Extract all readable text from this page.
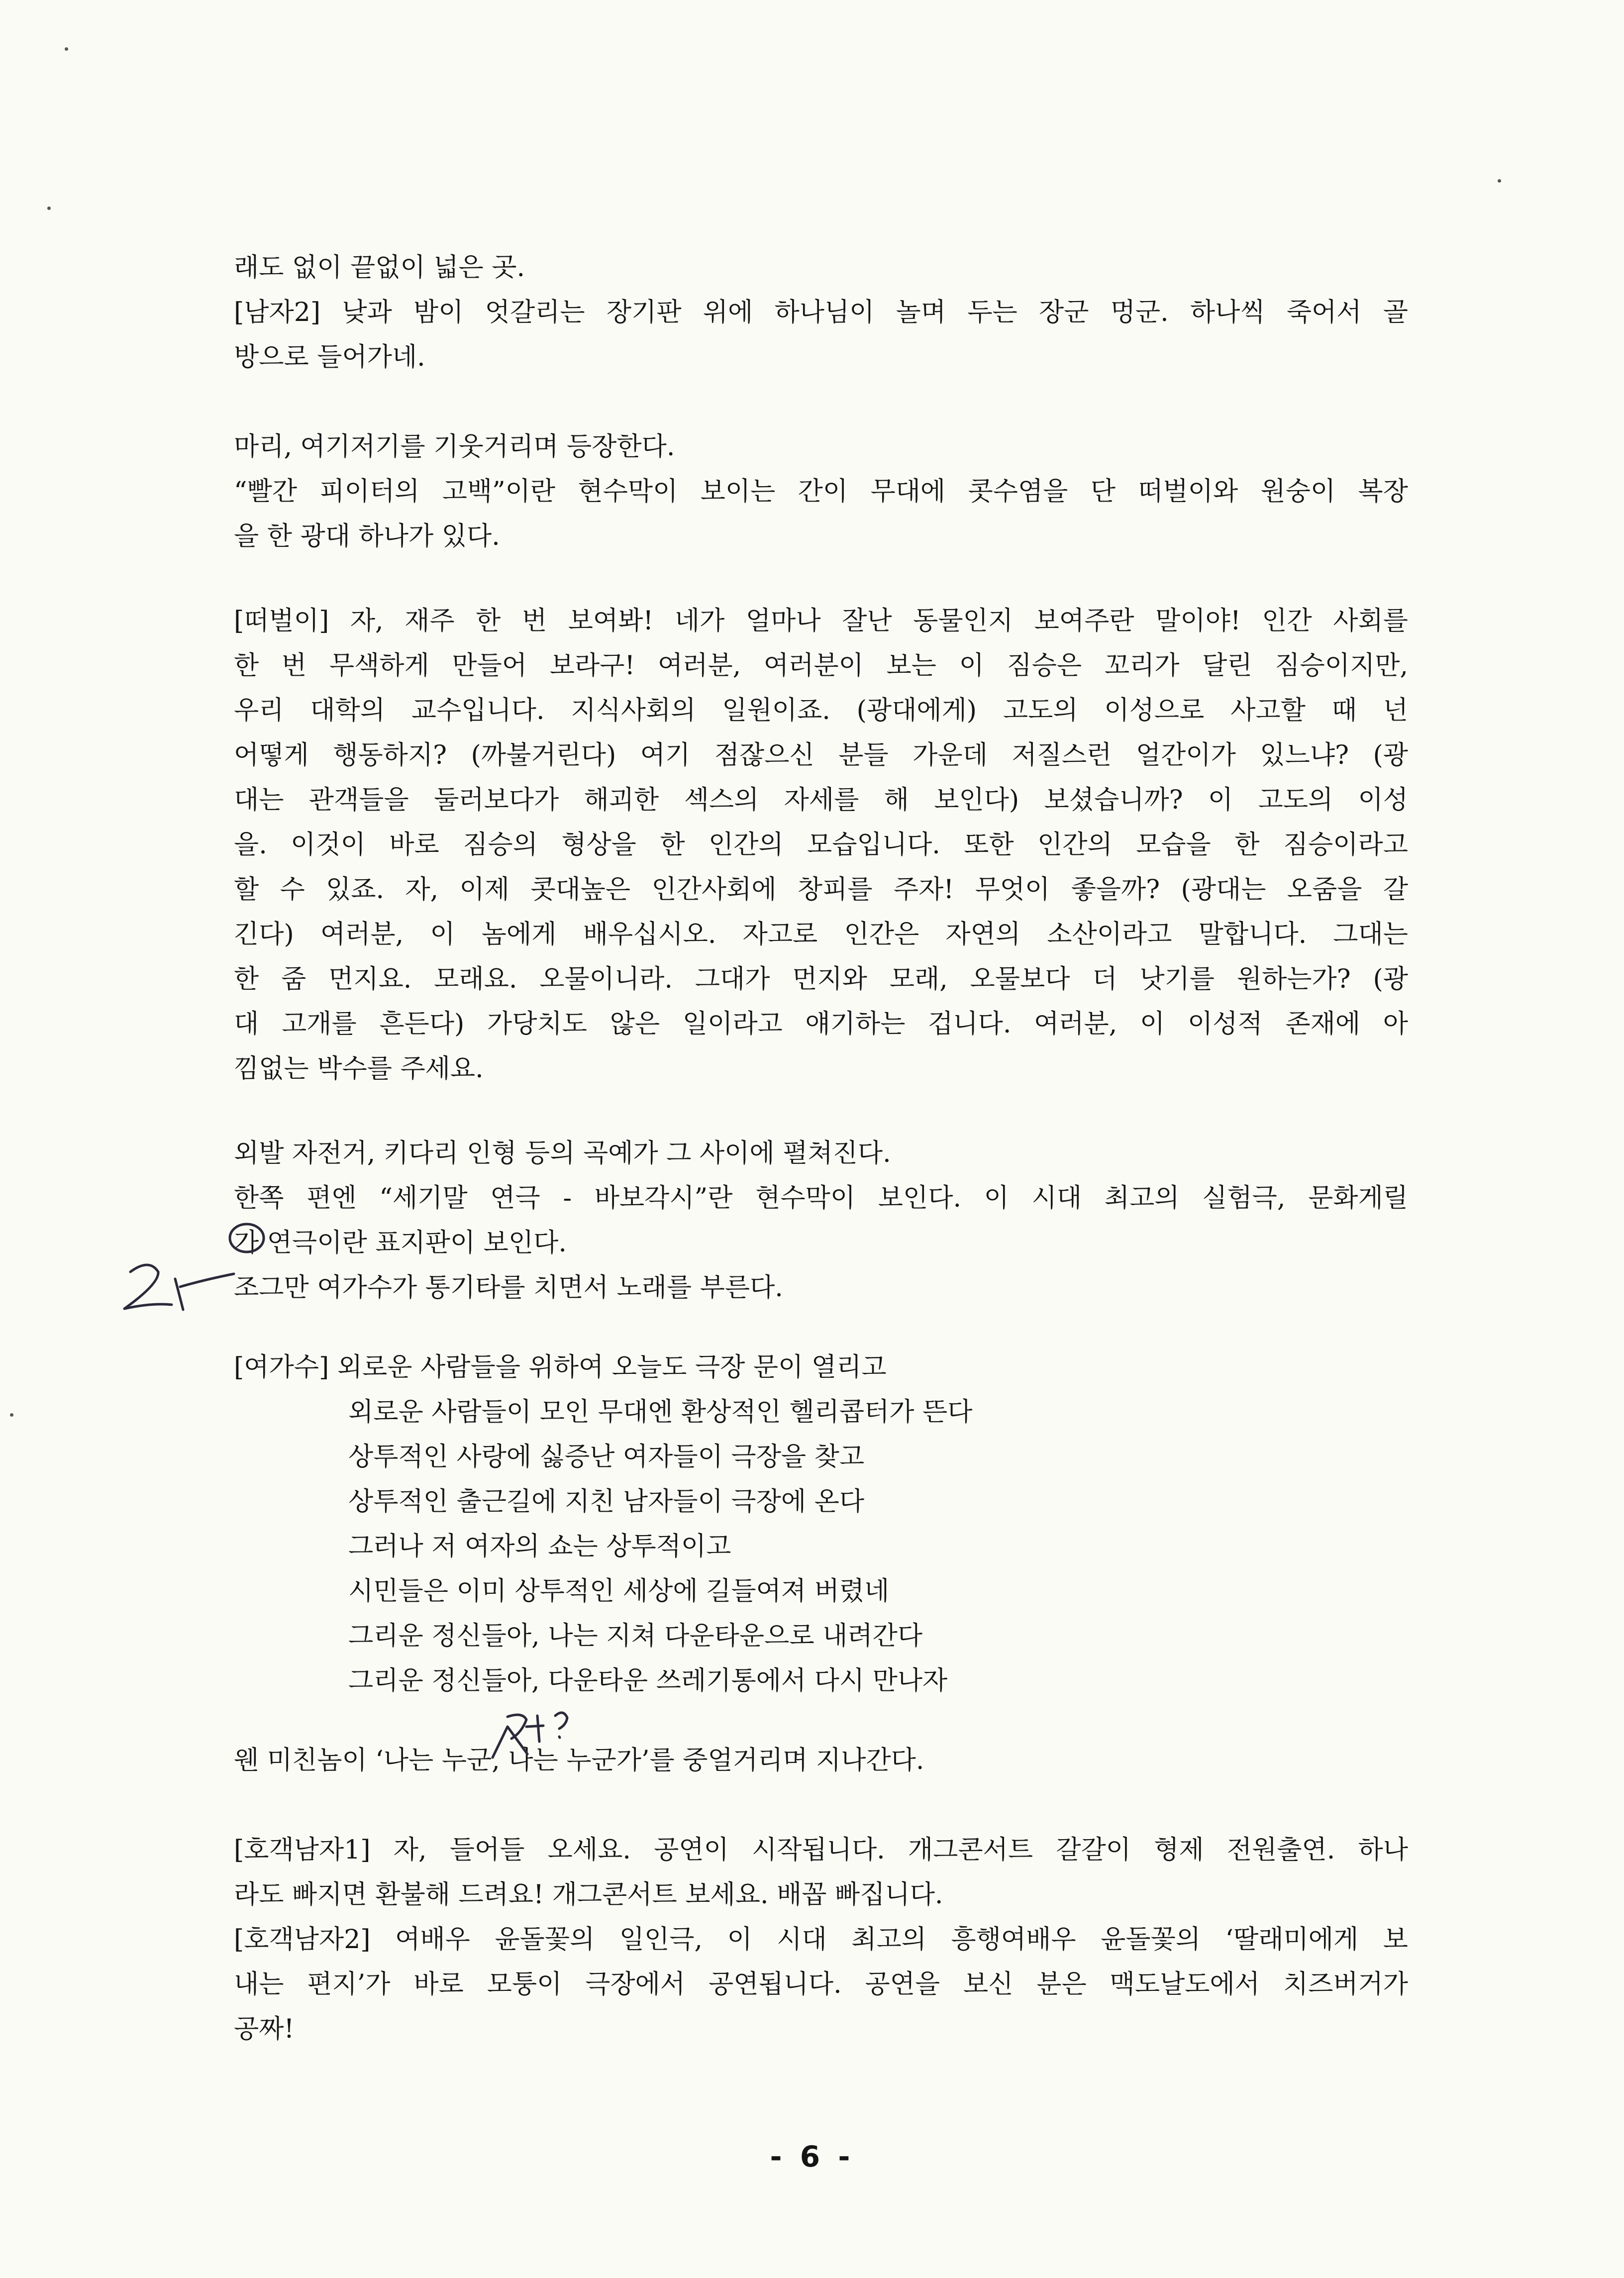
래도 없이 끝없이 넓은 곳.
[남자2] 낮과 밤이 엇갈리는 장기판 위에 하나님이 놀며 두는 장군 멍군. 하나씩 죽어서 골
방으로 들어가네.
마리, 여기저기를 기웃거리며 등장한다.
“빨간 피이터의 고백”이란 현수막이 보이는 간이 무대에 콧수염을 단 떠벌이와 원숭이 복장
을 한 광대 하나가 있다.
[떠벌이] 자, 재주 한 번 보여봐! 네가 얼마나 잘난 동물인지 보여주란 말이야! 인간 사회를
한 번 무색하게 만들어 보라구! 여러분, 여러분이 보는 이 짐승은 꼬리가 달린 짐승이지만,
우리 대학의 교수입니다. 지식사회의 일원이죠. (광대에게) 고도의 이성으로 사고할 때 넌
어떻게 행동하지? (까불거린다) 여기 점잖으신 분들 가운데 저질스런 얼간이가 있느냐? (광
대는 관객들을 둘러보다가 해괴한 섹스의 자세를 해 보인다) 보셨습니까? 이 고도의 이성
을. 이것이 바로 짐승의 형상을 한 인간의 모습입니다. 또한 인간의 모습을 한 짐승이라고
할 수 있죠. 자, 이제 콧대높은 인간사회에 창피를 주자! 무엇이 좋을까? (광대는 오줌을 갈
긴다) 여러분, 이 놈에게 배우십시오. 자고로 인간은 자연의 소산이라고 말합니다. 그대는
한 줌 먼지요. 모래요. 오물이니라. 그대가 먼지와 모래, 오물보다 더 낫기를 원하는가? (광
대 고개를 흔든다) 가당치도 않은 일이라고 얘기하는 겁니다. 여러분, 이 이성적 존재에 아
낌없는 박수를 주세요.
외발 자전거, 키다리 인형 등의 곡예가 그 사이에 펼쳐진다.
한쪽 편엔 “세기말 연극 - 바보각시”란 현수막이 보인다. 이 시대 최고의 실험극, 문화게릴
가 연극이란 표지판이 보인다.
조그만 여가수가 통기타를 치면서 노래를 부른다.
[여가수] 외로운 사람들을 위하여 오늘도 극장 문이 열리고
외로운 사람들이 모인 무대엔 환상적인 헬리콥터가 뜬다
상투적인 사랑에 싫증난 여자들이 극장을 찾고
상투적인 출근길에 지친 남자들이 극장에 온다
그러나 저 여자의 쇼는 상투적이고
시민들은 이미 상투적인 세상에 길들여져 버렸네
그리운 정신들아, 나는 지쳐 다운타운으로 내려간다
그리운 정신들아, 다운타운 쓰레기통에서 다시 만나자
웬 미친놈이 ‘나는 누군, 나는 누군가’를 중얼거리며 지나간다.
[호객남자1] 자, 들어들 오세요. 공연이 시작됩니다. 개그콘서트 갈갈이 형제 전원출연. 하나
라도 빠지면 환불해 드려요! 개그콘서트 보세요. 배꼽 빠집니다.
[호객남자2] 여배우 윤돌꽃의 일인극, 이 시대 최고의 흥행여배우 윤돌꽃의 ‘딸래미에게 보
내는 편지’가 바로 모퉁이 극장에서 공연됩니다. 공연을 보신 분은 맥도날도에서 치즈버거가
공짜!
- 6 -
